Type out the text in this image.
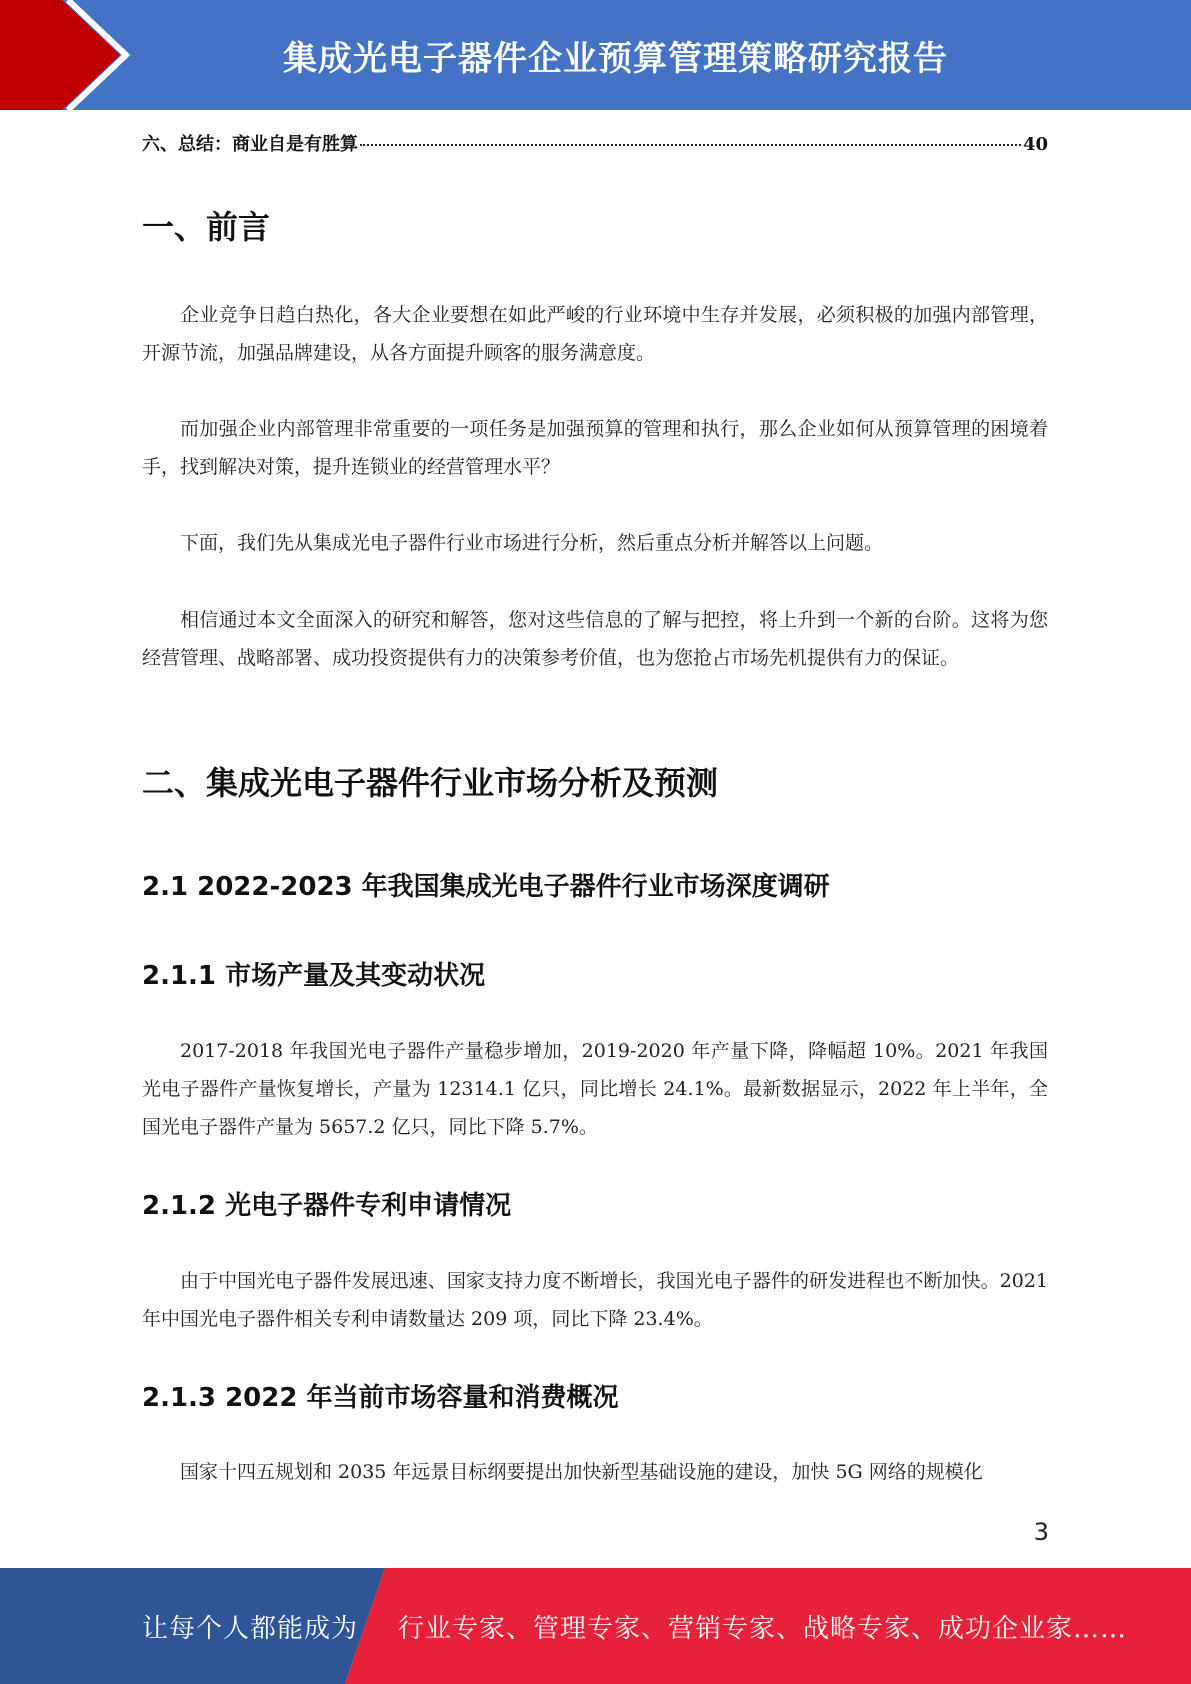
集成光电子器件企业预算管理策略研究报告
六、总结：商业自是有胜算	40
一、前言
企业竞争日趋白热化，各大企业要想在如此严峻的行业环境中生存并发展，必须积极的加强内部管理，开源节流，加强品牌建设，从各方面提升顾客的服务满意度。
而加强企业内部管理非常重要的一项任务是加强预算的管理和执行，那么企业如何从预算管理的困境着手，找到解决对策，提升连锁业的经营管理水平？
下面，我们先从集成光电子器件行业市场进行分析，然后重点分析并解答以上问题。
相信通过本文全面深入的研究和解答，您对这些信息的了解与把控，将上升到一个新的台阶。这将为您经营管理、战略部署、成功投资提供有力的决策参考价值，也为您抢占市场先机提供有力的保证。
二、集成光电子器件行业市场分析及预测
2.1 2022-2023 年我国集成光电子器件行业市场深度调研
2.1.1 市场产量及其变动状况
2017-2018 年我国光电子器件产量稳步增加，2019-2020 年产量下降，降幅超 10%。2021 年我国光电子器件产量恢复增长，产量为 12314.1 亿只，同比增长 24.1%。最新数据显示，2022 年上半年，全国光电子器件产量为 5657.2 亿只，同比下降 5.7%。
2.1.2 光电子器件专利申请情况
由于中国光电子器件发展迅速、国家支持力度不断增长，我国光电子器件的研发进程也不断加快。2021 年中国光电子器件相关专利申请数量达 209 项，同比下降 23.4%。
2.1.3 2022 年当前市场容量和消费概况
国家十四五规划和 2035 年远景目标纲要提出加快新型基础设施的建设，加快 5G 网络的规模化
3
让每个人都能成为 行业专家、管理专家、营销专家、战略专家、成功企业家……
